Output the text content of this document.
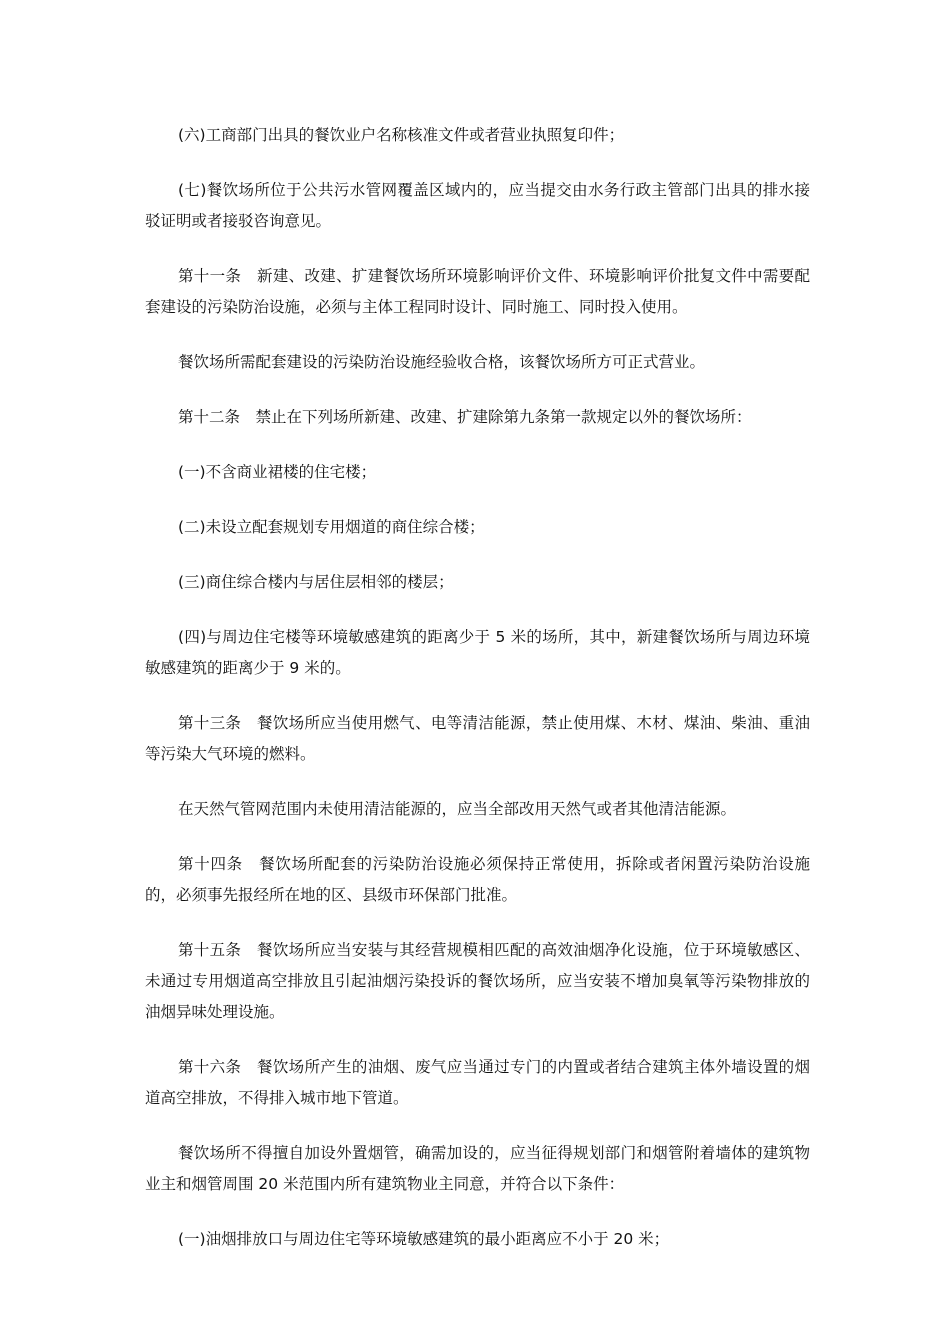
(六)工商部门出具的餐饮业户名称核准文件或者营业执照复印件；

(七)餐饮场所位于公共污水管网覆盖区域内的，应当提交由水务行政主管部门出具的排水接驳证明或者接驳咨询意见。

第十一条　新建、改建、扩建餐饮场所环境影响评价文件、环境影响评价批复文件中需要配套建设的污染防治设施，必须与主体工程同时设计、同时施工、同时投入使用。

餐饮场所需配套建设的污染防治设施经验收合格，该餐饮场所方可正式营业。

第十二条　禁止在下列场所新建、改建、扩建除第九条第一款规定以外的餐饮场所：

(一)不含商业裙楼的住宅楼；

(二)未设立配套规划专用烟道的商住综合楼；

(三)商住综合楼内与居住层相邻的楼层；

(四)与周边住宅楼等环境敏感建筑的距离少于 5 米的场所，其中，新建餐饮场所与周边环境敏感建筑的距离少于 9 米的。

第十三条　餐饮场所应当使用燃气、电等清洁能源，禁止使用煤、木材、煤油、柴油、重油等污染大气环境的燃料。

在天然气管网范围内未使用清洁能源的，应当全部改用天然气或者其他清洁能源。

第十四条　餐饮场所配套的污染防治设施必须保持正常使用，拆除或者闲置污染防治设施的，必须事先报经所在地的区、县级市环保部门批准。

第十五条　餐饮场所应当安装与其经营规模相匹配的高效油烟净化设施，位于环境敏感区、未通过专用烟道高空排放且引起油烟污染投诉的餐饮场所，应当安装不增加臭氧等污染物排放的油烟异味处理设施。

第十六条　餐饮场所产生的油烟、废气应当通过专门的内置或者结合建筑主体外墙设置的烟道高空排放，不得排入城市地下管道。

餐饮场所不得擅自加设外置烟管，确需加设的，应当征得规划部门和烟管附着墙体的建筑物业主和烟管周围 20 米范围内所有建筑物业主同意，并符合以下条件：

(一)油烟排放口与周边住宅等环境敏感建筑的最小距离应不小于 20 米；
